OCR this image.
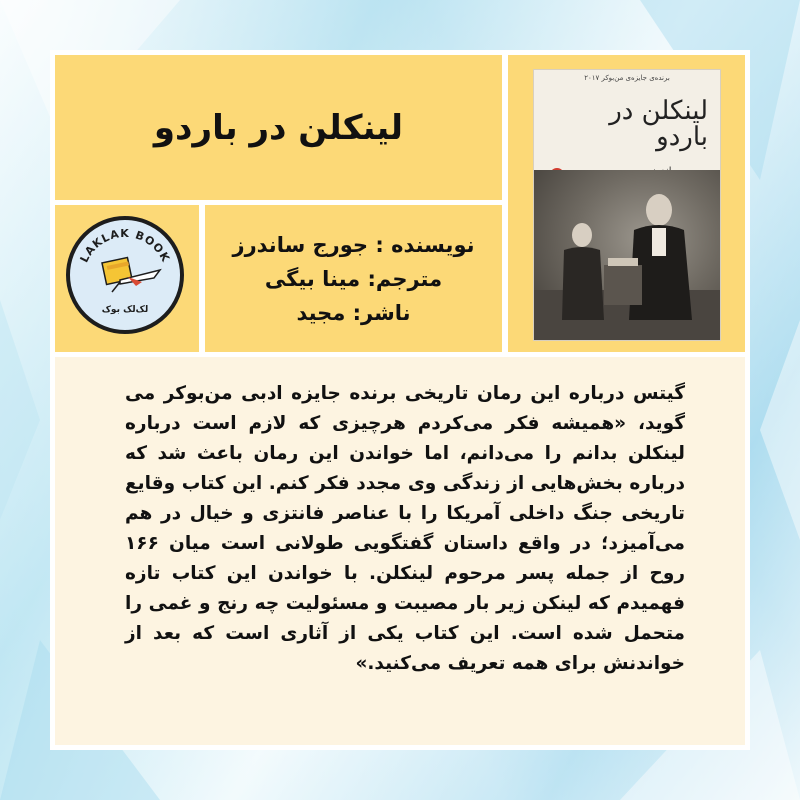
لینکلن در باردو
برنده‌ی جایزه‌ی من‌بوکر ۲۰۱۷
لینکلن در باردو
LAKLAK BOOK
لک‌لک بوک
نویسنده : جورج ساندرز
مترجم: مینا بیگی
ناشر: مجید
گیتس درباره این رمان تاریخی برنده جایزه ادبی من‌بوکر می گوید، «همیشه فکر می‌کردم هرچیزی که لازم است درباره لینکلن بدانم را می‌دانم، اما خواندن این رمان باعث شد که درباره بخش‌هایی از زندگی وی مجدد فکر کنم. این کتاب وقایع تاریخی جنگ داخلی آمریکا را با عناصر فانتزی و خیال در هم می‌آمیزد؛ در واقع داستان گفتگویی طولانی است میان ۱۶۶ روح از جمله پسر مرحوم لینکلن. با خواندن این کتاب تازه فهمیدم که لینکن زیر بار مصیبت و مسئولیت چه رنج و غمی را متحمل شده است. این کتاب یکی از آثاری است که بعد از خواندنش برای همه تعریف می‌کنید.»
